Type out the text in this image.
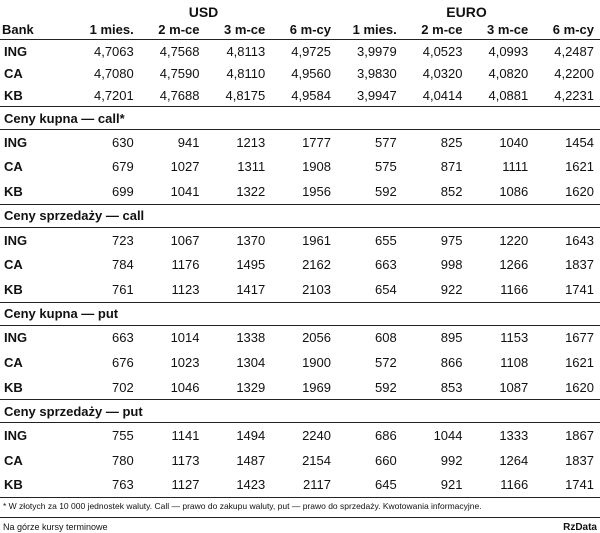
	USD				EURO			
Bank	1 mies.	2 m-ce	3 m-ce	6 m-cy	1 mies.	2 m-ce	3 m-ce	6 m-cy
ING	4,7063	4,7568	4,8113	4,9725	3,9979	4,0523	4,0993	4,2487
CA	4,7080	4,7590	4,8110	4,9560	3,9830	4,0320	4,0820	4,2200
KB	4,7201	4,7688	4,8175	4,9584	3,9947	4,0414	4,0881	4,2231
Ceny kupna — call*								
ING	630	941	1213	1777	577	825	1040	1454
CA	679	1027	1311	1908	575	871	1111	1621
KB	699	1041	1322	1956	592	852	1086	1620
Ceny sprzedaży — call								
ING	723	1067	1370	1961	655	975	1220	1643
CA	784	1176	1495	2162	663	998	1266	1837
KB	761	1123	1417	2103	654	922	1166	1741
Ceny kupna — put								
ING	663	1014	1338	2056	608	895	1153	1677
CA	676	1023	1304	1900	572	866	1108	1621
KB	702	1046	1329	1969	592	853	1087	1620
Ceny sprzedaży — put								
ING	755	1141	1494	2240	686	1044	1333	1867
CA	780	1173	1487	2154	660	992	1264	1837
KB	763	1127	1423	2117	645	921	1166	1741
* W złotych za 10 000 jednostek waluty. Call — prawo do zakupu waluty, put — prawo do sprzedaży. Kwotowania informacyjne.
Na górze kursy terminowe	RzData
